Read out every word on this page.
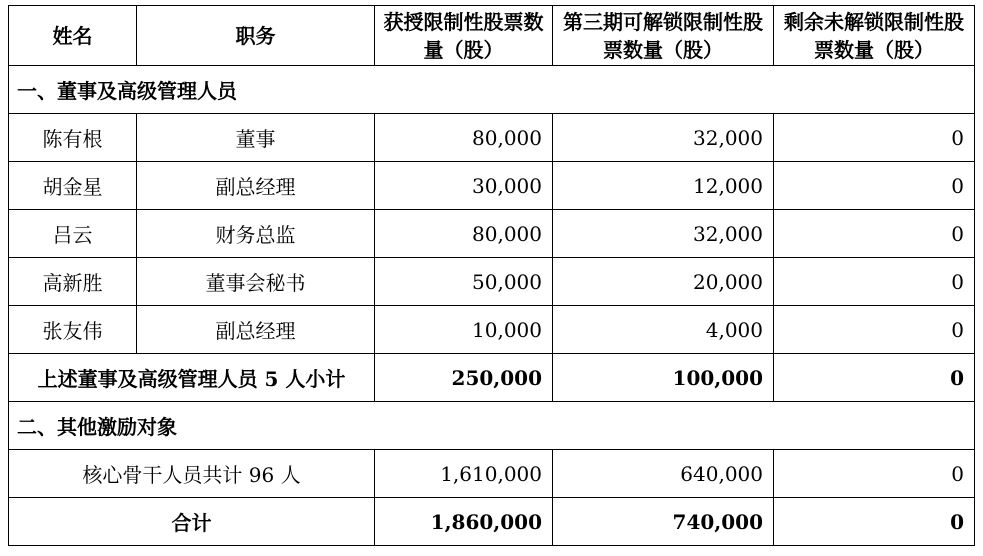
姓名	职务	获授限制性股票数量（股）	第三期可解锁限制性股票数量（股）	剩余未解锁限制性股票数量（股）
一、董事及高级管理人员				
陈有根	董事	80,000	32,000	0
胡金星	副总经理	30,000	12,000	0
吕云	财务总监	80,000	32,000	0
高新胜	董事会秘书	50,000	20,000	0
张友伟	副总经理	10,000	4,000	0
上述董事及高级管理人员 5 人小计		250,000	100,000	0
二、其他激励对象				
核心骨干人员共计 96 人		1,610,000	640,000	0
合计		1,860,000	740,000	0
